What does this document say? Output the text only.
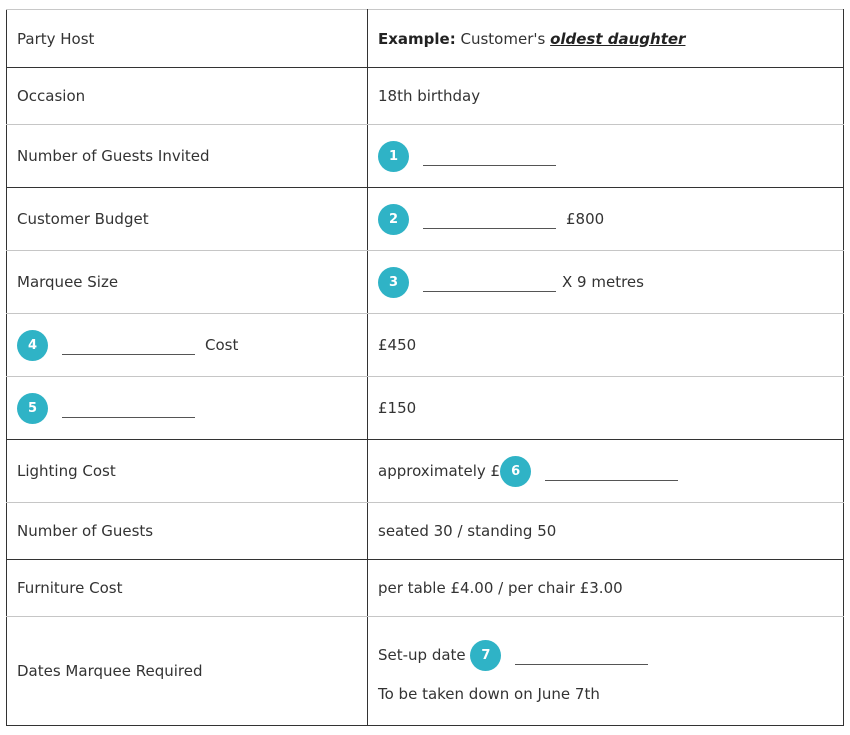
Party Host	Example: Customer's oldest daughter
Occasion	18th birthday
Number of Guests Invited	1
Customer Budget	2 £800
Marquee Size	3 X 9 metres
4 Cost	£450
5	£150
Lighting Cost	approximately £ 6
Number of Guests	seated 30 / standing 50
Furniture Cost	per table £4.00 / per chair £3.00
Dates Marquee Required	Set-up date 7
To be taken down on June 7th
